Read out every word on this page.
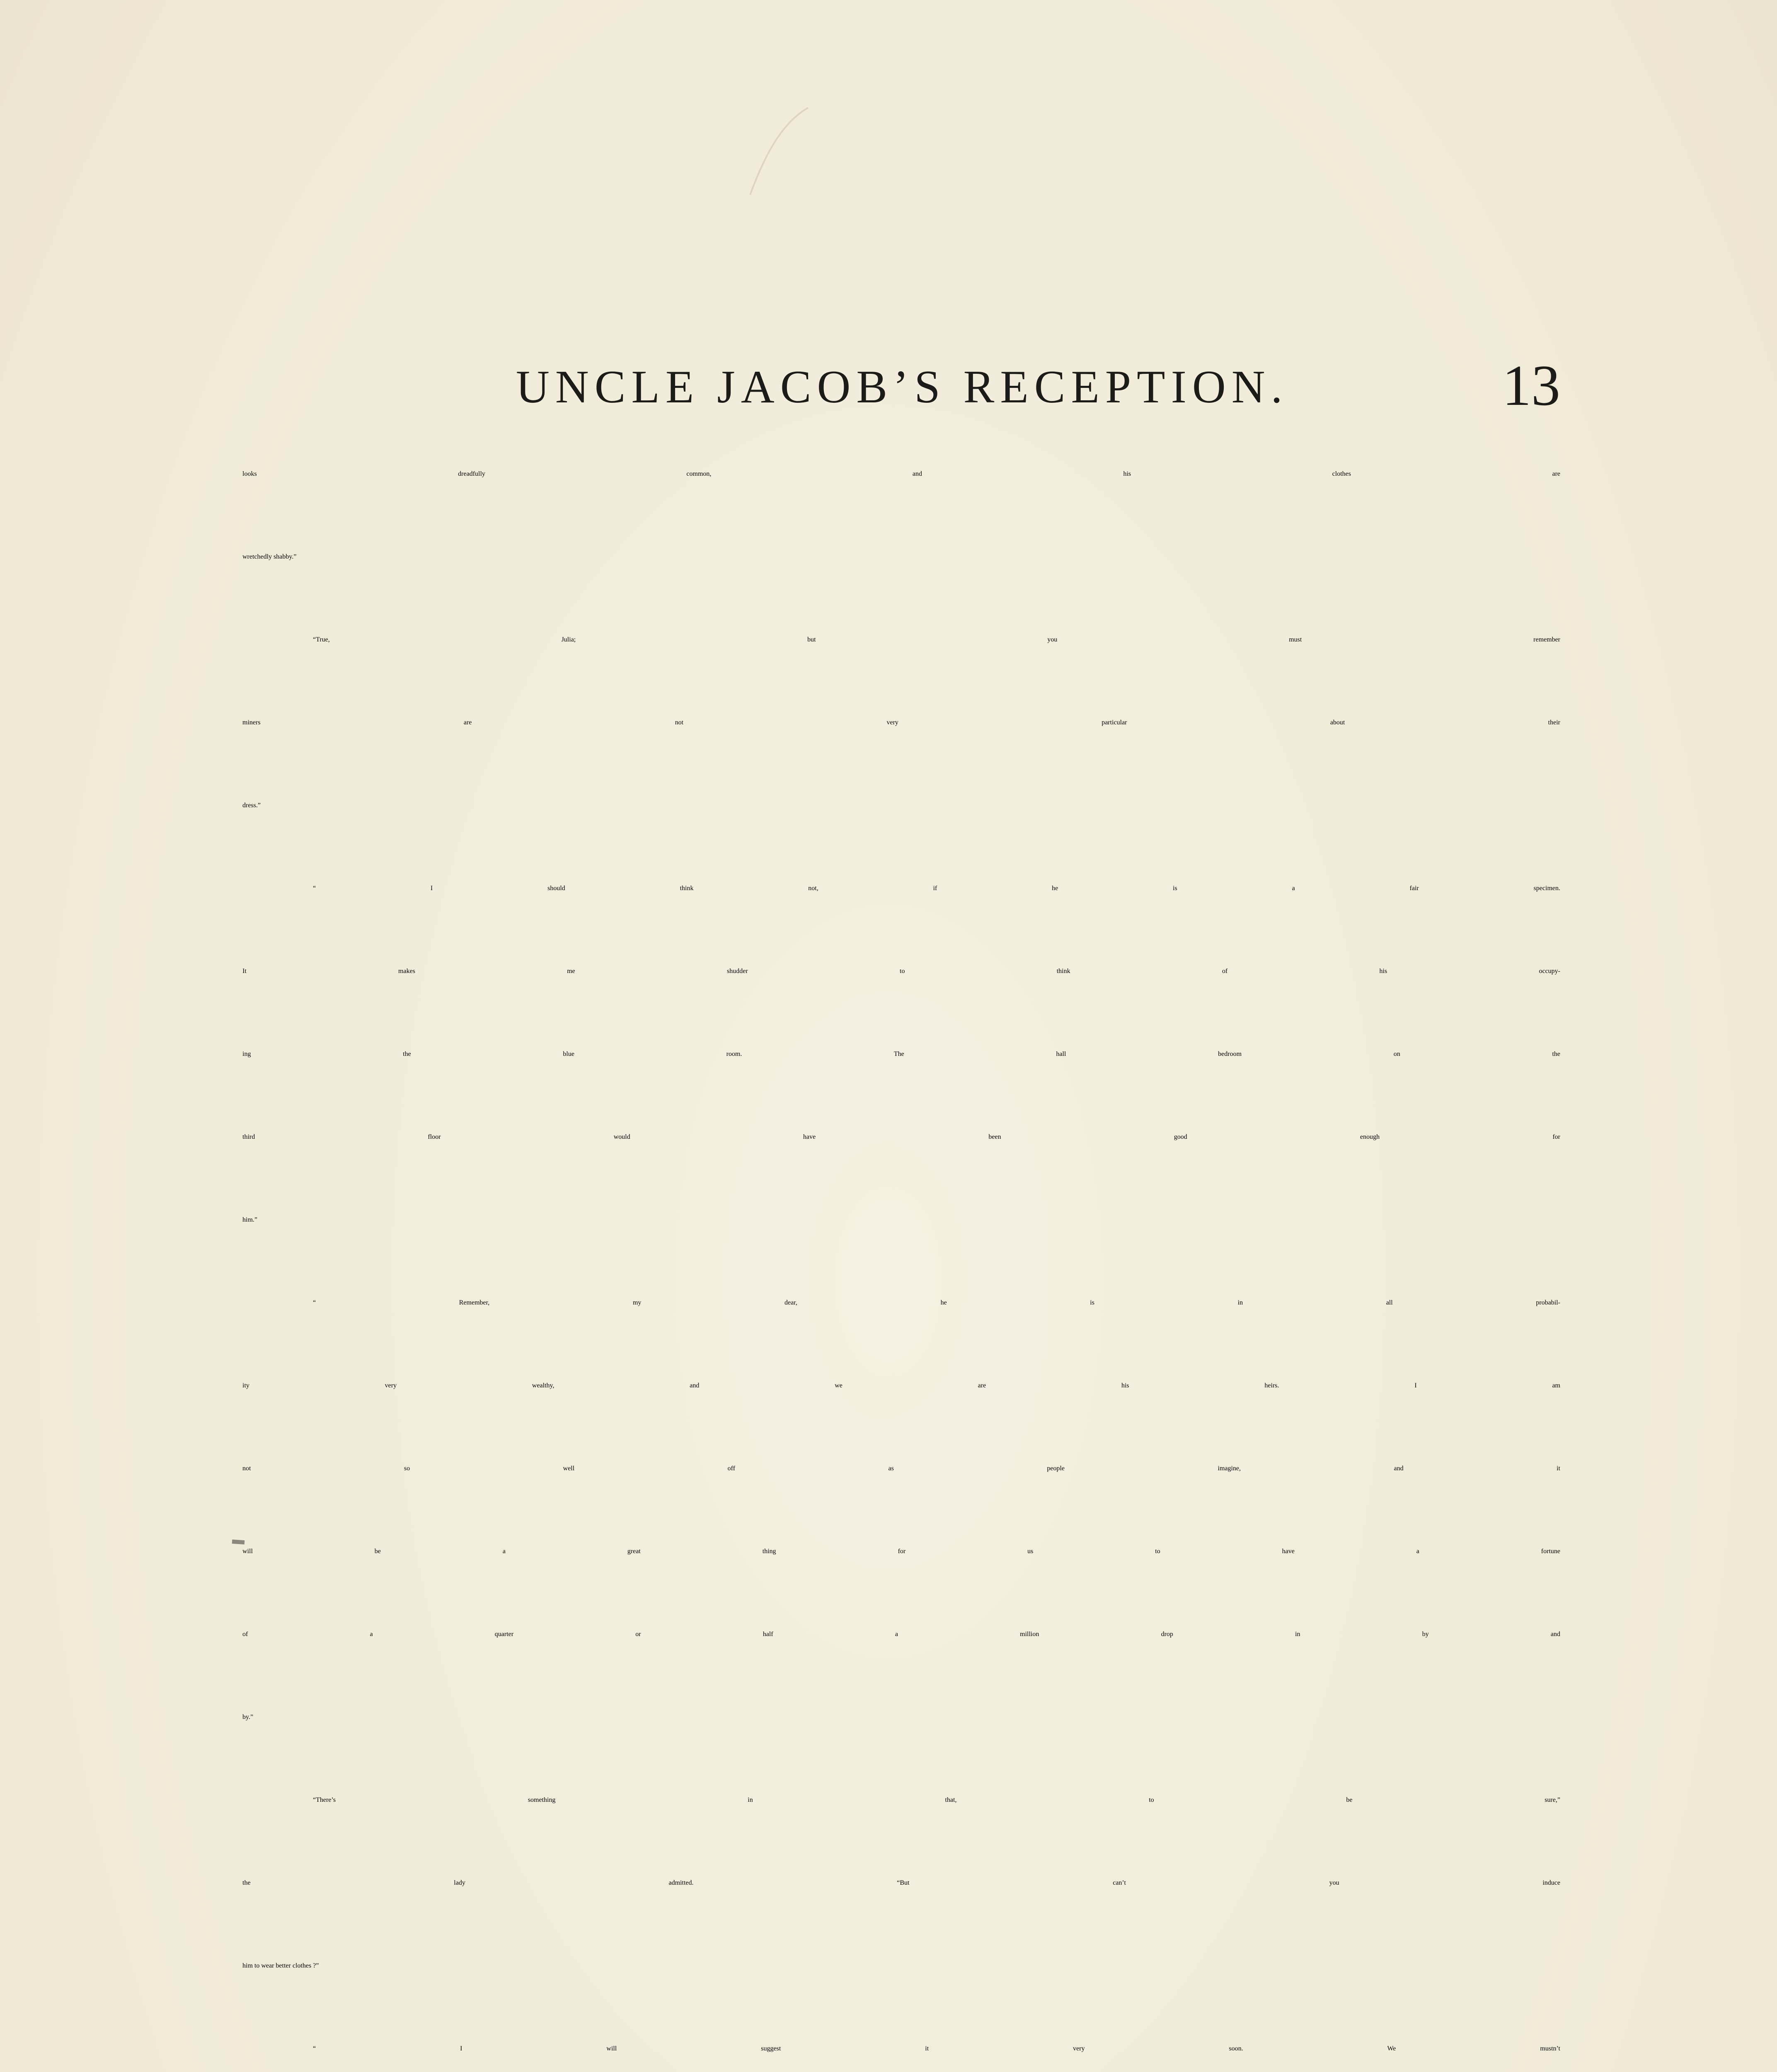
UNCLE JACOB’S RECEPTION.	13
looks dreadfully common, and his clothes are
wretchedly shabby.”
“True, Julia; but you must remember
miners are not very particular about their
dress.”
“ I should think not, if he is a fair specimen.
It makes me shudder to think of his occupy-
ing the blue room. The hall bedroom on the
third floor would have been good enough for
him.”
“ Remember, my dear, he is in all probabil-
ity very wealthy, and we are his heirs. I am
not so well off as people imagine, and it
will be a great thing for us to have a fortune
of a quarter or half a million drop in by and
by.”
“There’s something in that, to be sure,”
the lady admitted. “But can’t you induce
him to wear better clothes ?”
“ I will suggest it very soon. We mustn’t
